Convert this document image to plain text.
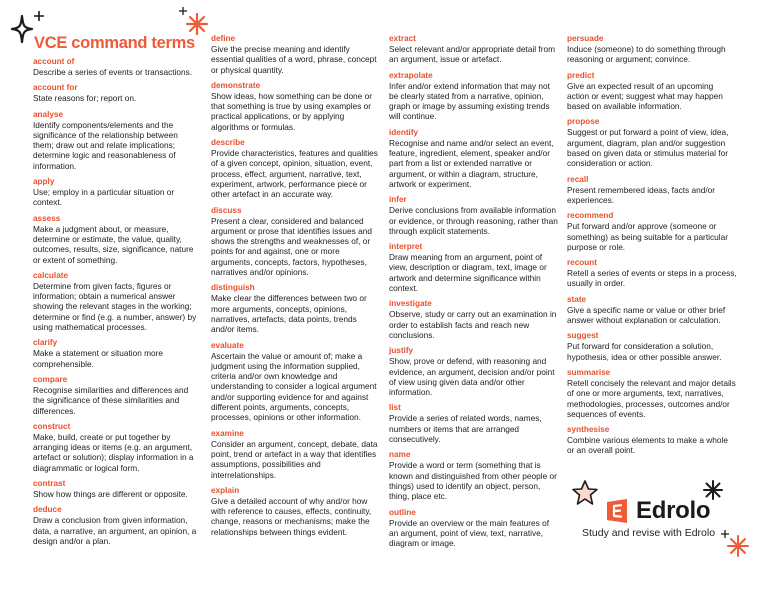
VCE command terms
account of
Describe a series of events or transactions.
account for
State reasons for; report on.
analyse
Identify components/elements and the significance of the relationship between them; draw out and relate implications; determine logic and reasonableness of information.
apply
Use; employ in a particular situation or context.
assess
Make a judgment about, or measure, determine or estimate, the value, quality, outcomes, results, size, significance, nature or extent of something.
calculate
Determine from given facts, figures or information; obtain a numerical answer showing the relevant stages in the working; determine or find (e.g. a number, answer) by using mathematical processes.
clarify
Make a statement or situation more comprehensible.
compare
Recognise similarities and differences and the significance of these similarities and differences.
construct
Make, build, create or put together by arranging ideas or items (e.g. an argument, artefact or solution); display information in a diagrammatic or logical form.
contrast
Show how things are different or opposite.
deduce
Draw a conclusion from given information, data, a narrative, an argument, an opinion, a design and/or a plan.
define
Give the precise meaning and identify essential qualities of a word, phrase, concept or physical quantity.
demonstrate
Show ideas, how something can be done or that something is true by using examples or practical applications, or by applying algorithms or formulas.
describe
Provide characteristics, features and qualities of a given concept, opinion, situation, event, process, effect, argument, narrative, text, experiment, artwork, performance piece or other artefact in an accurate way.
discuss
Present a clear, considered and balanced argument or prose that identifies issues and shows the strengths and weaknesses of, or points for and against, one or more arguments, concepts, factors, hypotheses, narratives and/or opinions.
distinguish
Make clear the differences between two or more arguments, concepts, opinions, narratives, artefacts, data points, trends and/or items.
evaluate
Ascertain the value or amount of; make a judgment using the information supplied, criteria and/or own knowledge and understanding to consider a logical argument and/or supporting evidence for and against different points, arguments, concepts, processes, opinions or other information.
examine
Consider an argument, concept, debate, data point, trend or artefact in a way that identifies assumptions, possibilities and interrelationships.
explain
Give a detailed account of why and/or how with reference to causes, effects, continuity, change, reasons or mechanisms; make the relationships between things evident.
extract
Select relevant and/or appropriate detail from an argument, issue or artefact.
extrapolate
Infer and/or extend information that may not be clearly stated from a narrative, opinion, graph or image by assuming existing trends will continue.
identify
Recognise and name and/or select an event, feature, ingredient, element, speaker and/or part from a list or extended narrative or argument, or within a diagram, structure, artwork or experiment.
infer
Derive conclusions from available information or evidence, or through reasoning, rather than through explicit statements.
interpret
Draw meaning from an argument, point of view, description or diagram, text, image or artwork and determine significance within context.
investigate
Observe, study or carry out an examination in order to establish facts and reach new conclusions.
justify
Show, prove or defend, with reasoning and evidence, an argument, decision and/or point of view using given data and/or other information.
list
Provide a series of related words, names, numbers or items that are arranged consecutively.
name
Provide a word or term (something that is known and distinguished from other people or things) used to identify an object, person, thing, place etc.
outline
Provide an overview or the main features of an argument, point of view, text, narrative, diagram or image.
persuade
Induce (someone) to do something through reasoning or argument; convince.
predict
Give an expected result of an upcoming action or event; suggest what may happen based on available information.
propose
Suggest or put forward a point of view, idea, argument, diagram, plan and/or suggestion based on given data or stimulus material for consideration or action.
recall
Present remembered ideas, facts and/or experiences.
recommend
Put forward and/or approve (someone or something) as being suitable for a particular purpose or role.
recount
Retell a series of events or steps in a process, usually in order.
state
Give a specific name or value or other brief answer without explanation or calculation.
suggest
Put forward for consideration a solution, hypothesis, idea or other possible answer.
summarise
Retell concisely the relevant and major details of one or more arguments, text, narratives, methodologies, processes, outcomes and/or sequences of events.
synthesise
Combine various elements to make a whole or an overall point.
Edrolo
Study and revise with Edrolo
